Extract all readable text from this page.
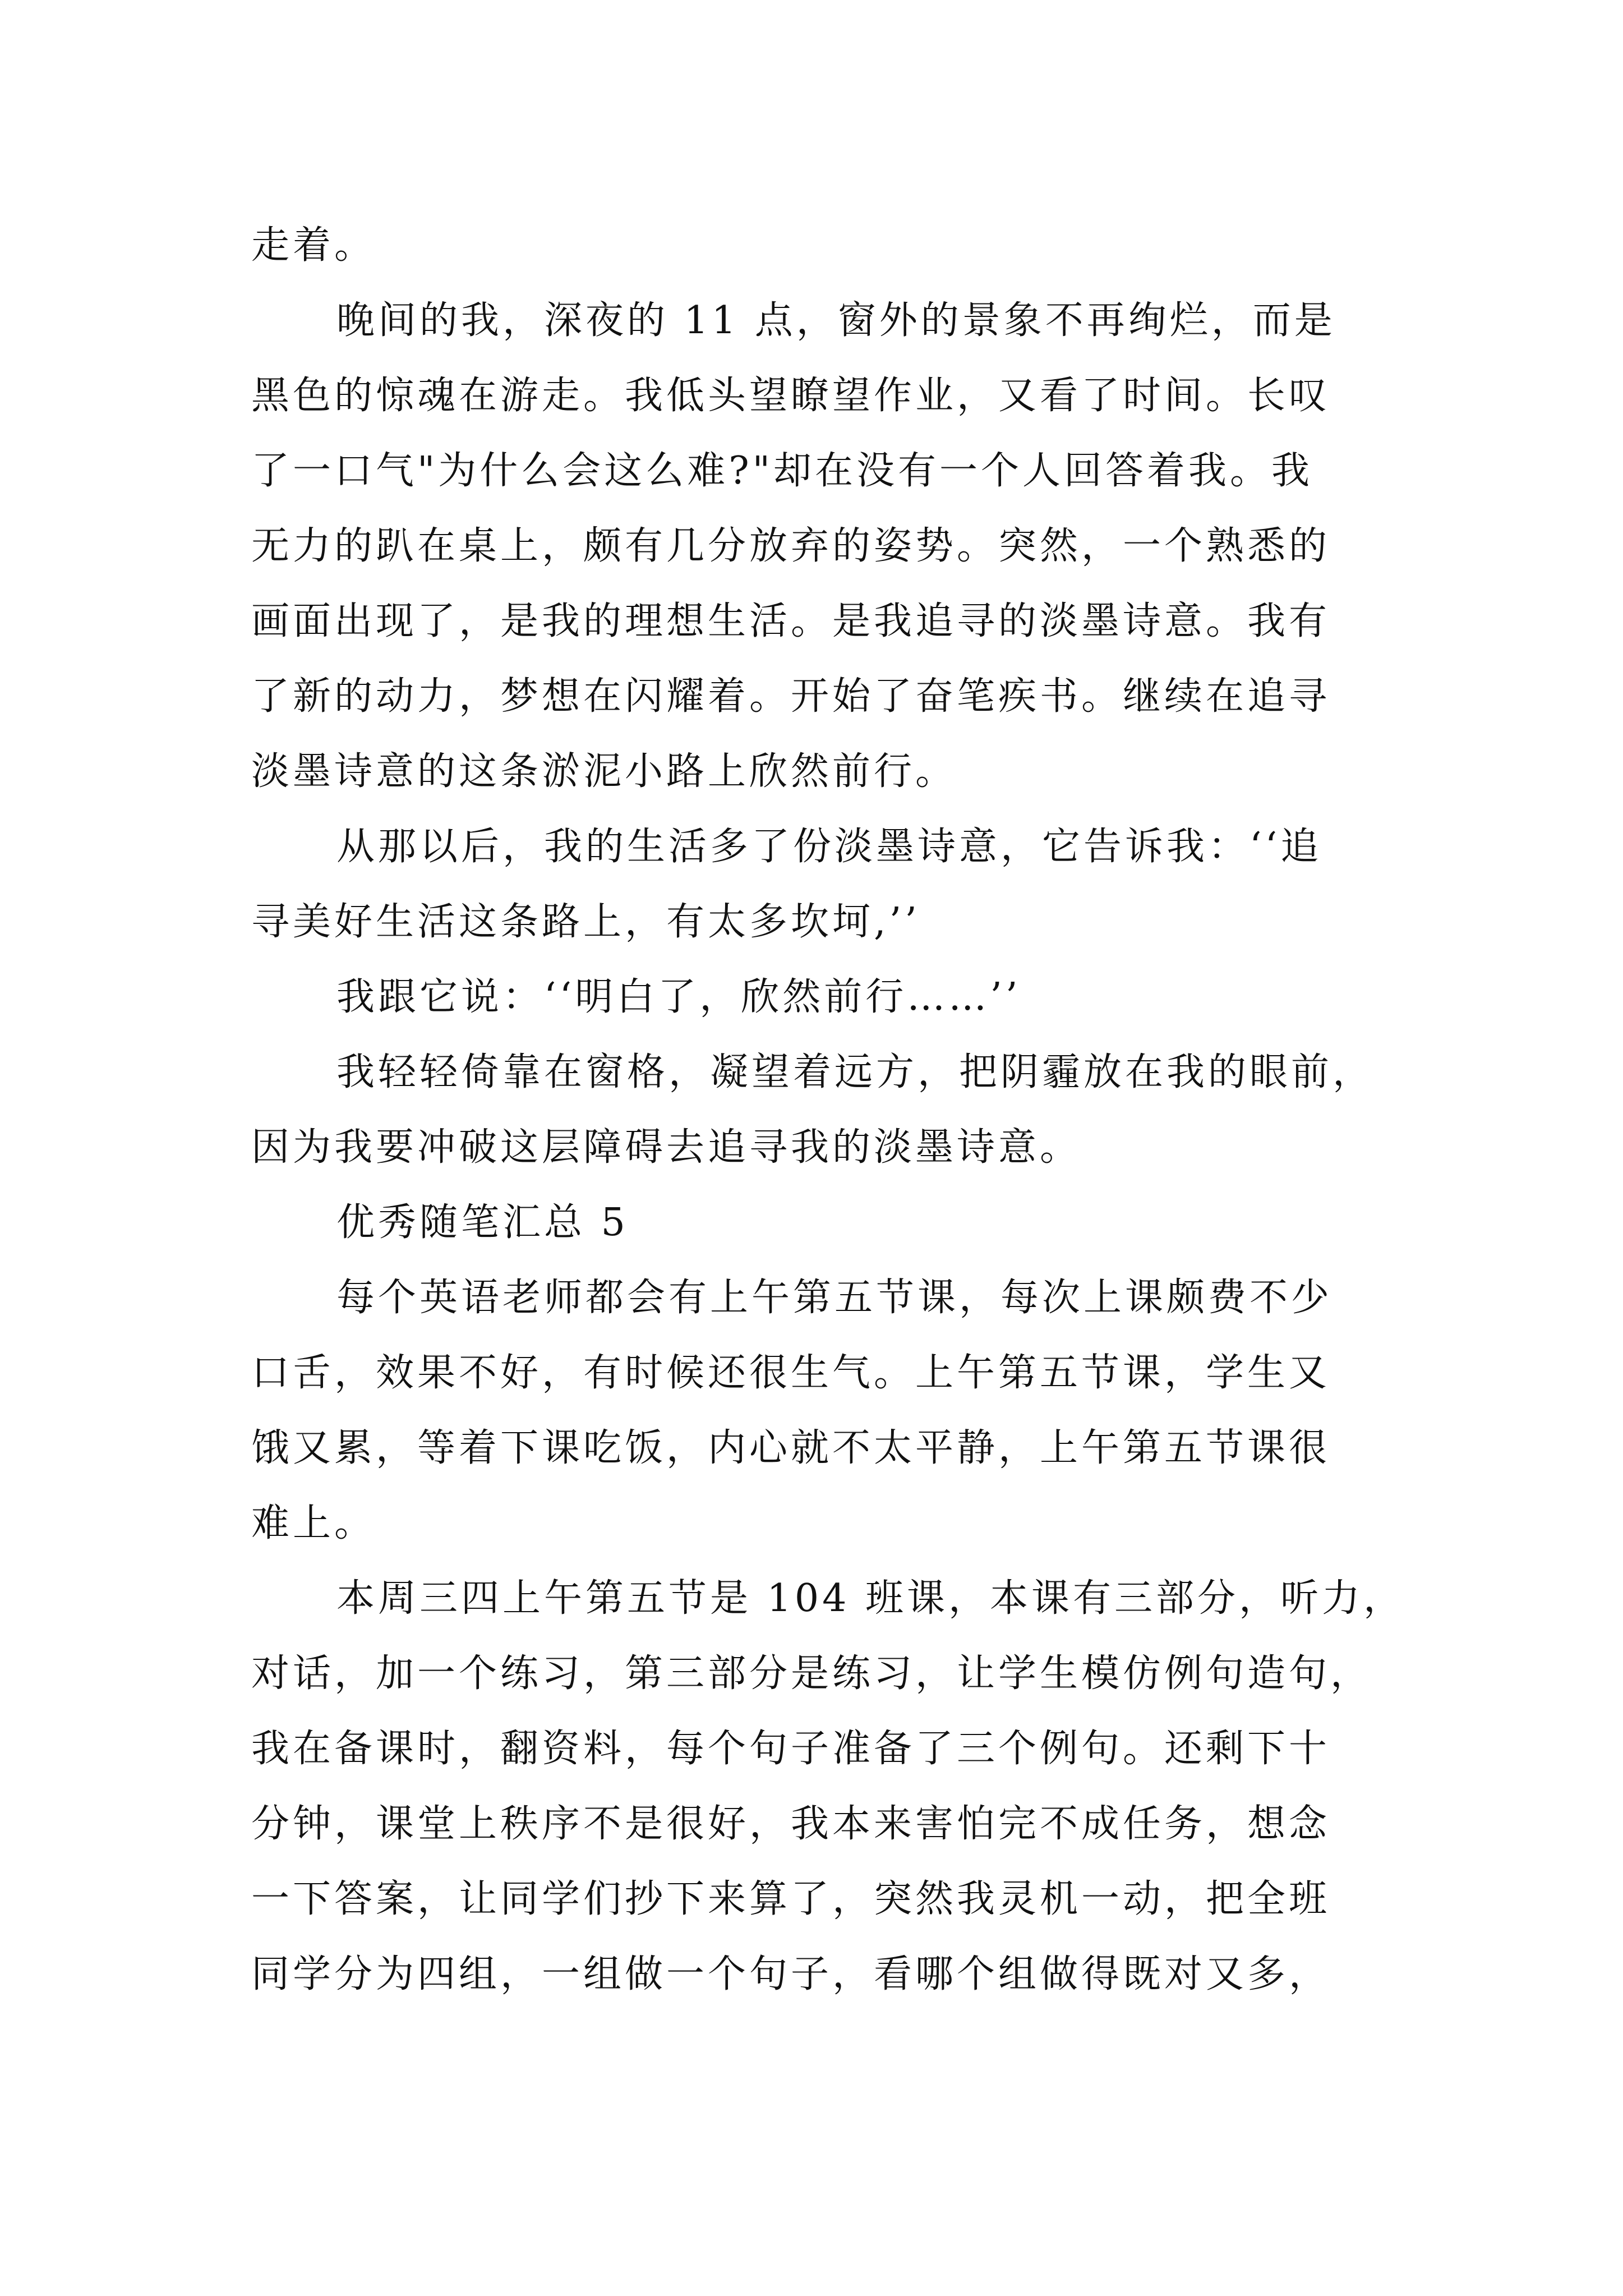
走着。
晚间的我，深夜的 11 点，窗外的景象不再绚烂，而是
黑色的惊魂在游走。我低头望瞭望作业，又看了时间。长叹
了一口气"为什么会这么难?"却在没有一个人回答着我。我
无力的趴在桌上，颇有几分放弃的姿势。突然，一个熟悉的
画面出现了，是我的理想生活。是我追寻的淡墨诗意。我有
了新的动力，梦想在闪耀着。开始了奋笔疾书。继续在追寻
淡墨诗意的这条淤泥小路上欣然前行。
从那以后，我的生活多了份淡墨诗意，它告诉我：‘‘追
寻美好生活这条路上，有太多坎坷,’’
我跟它说：‘‘明白了，欣然前行……’’
我轻轻倚靠在窗格，凝望着远方，把阴霾放在我的眼前，
因为我要冲破这层障碍去追寻我的淡墨诗意。
优秀随笔汇总 5
每个英语老师都会有上午第五节课，每次上课颇费不少
口舌，效果不好，有时候还很生气。上午第五节课，学生又
饿又累，等着下课吃饭，内心就不太平静，上午第五节课很
难上。
本周三四上午第五节是 104 班课，本课有三部分，听力，
对话，加一个练习，第三部分是练习，让学生模仿例句造句，
我在备课时，翻资料，每个句子准备了三个例句。还剩下十
分钟，课堂上秩序不是很好，我本来害怕完不成任务，想念
一下答案，让同学们抄下来算了，突然我灵机一动，把全班
同学分为四组，一组做一个句子，看哪个组做得既对又多，
